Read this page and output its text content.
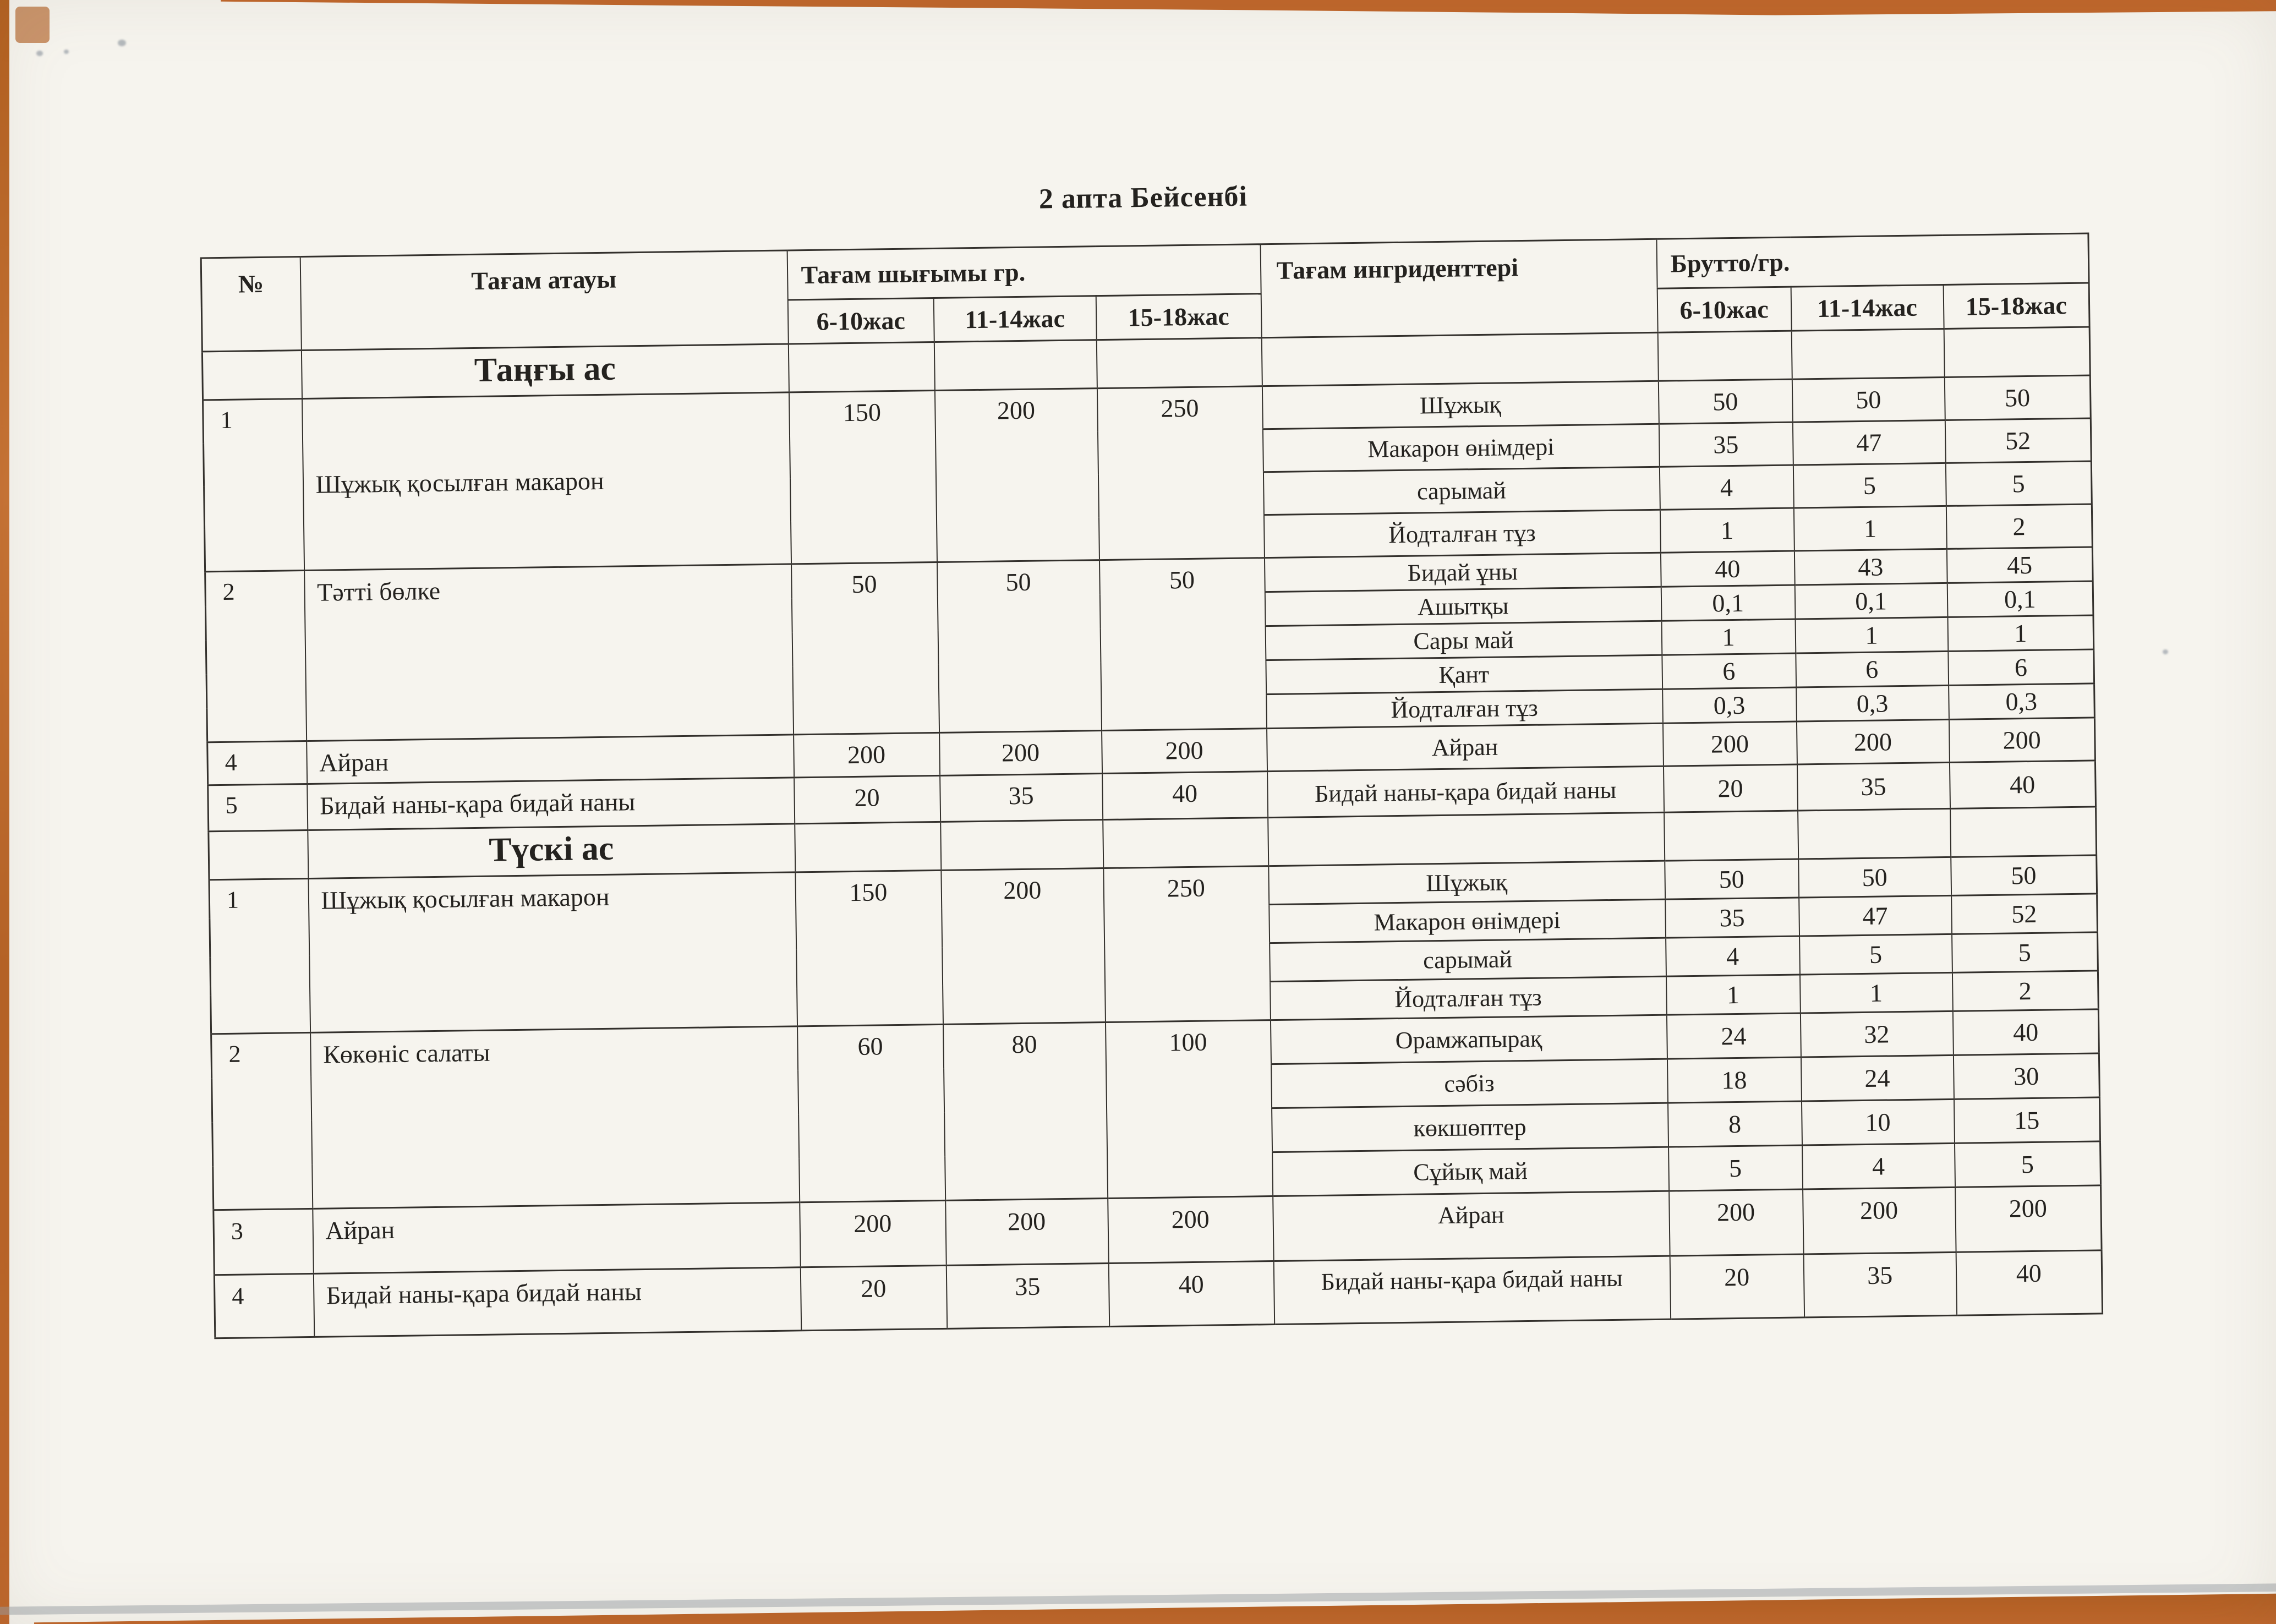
2 апта Бейсенбі
№	Тағам атауы	Тағам шығымы гр.			Тағам ингриденттері	Брутто/гр.		
		6-10жас	11-14жас	15-18жас		6-10жас	11-14жас	15-18жас
	Таңғы ас							
1	Шұжық қосылған макарон	150	200	250	Шұжық	50	50	50
					Макарон өнімдері	35	47	52
					сарымай	4	5	5
					Йодталған тұз	1	1	2
2	Тәтті бөлке	50	50	50	Бидай ұны	40	43	45
					Ашытқы	0,1	0,1	0,1
					Сары май	1	1	1
					Қант	6	6	6
					Йодталған тұз	0,3	0,3	0,3
4	Айран	200	200	200	Айран	200	200	200
5	Бидай наны-қара бидай наны	20	35	40	Бидай наны-қара бидай наны	20	35	40
	Түскі ас							
1	Шұжық қосылған макарон	150	200	250	Шұжық	50	50	50
					Макарон өнімдері	35	47	52
					сарымай	4	5	5
					Йодталған тұз	1	1	2
2	Көкөніс салаты	60	80	100	Орамжапырақ	24	32	40
					сәбіз	18	24	30
					көкшөптер	8	10	15
					Сұйық май	5	4	5
3	Айран	200	200	200	Айран	200	200	200
4	Бидай наны-қара бидай наны	20	35	40	Бидай наны-қара бидай наны	20	35	40
